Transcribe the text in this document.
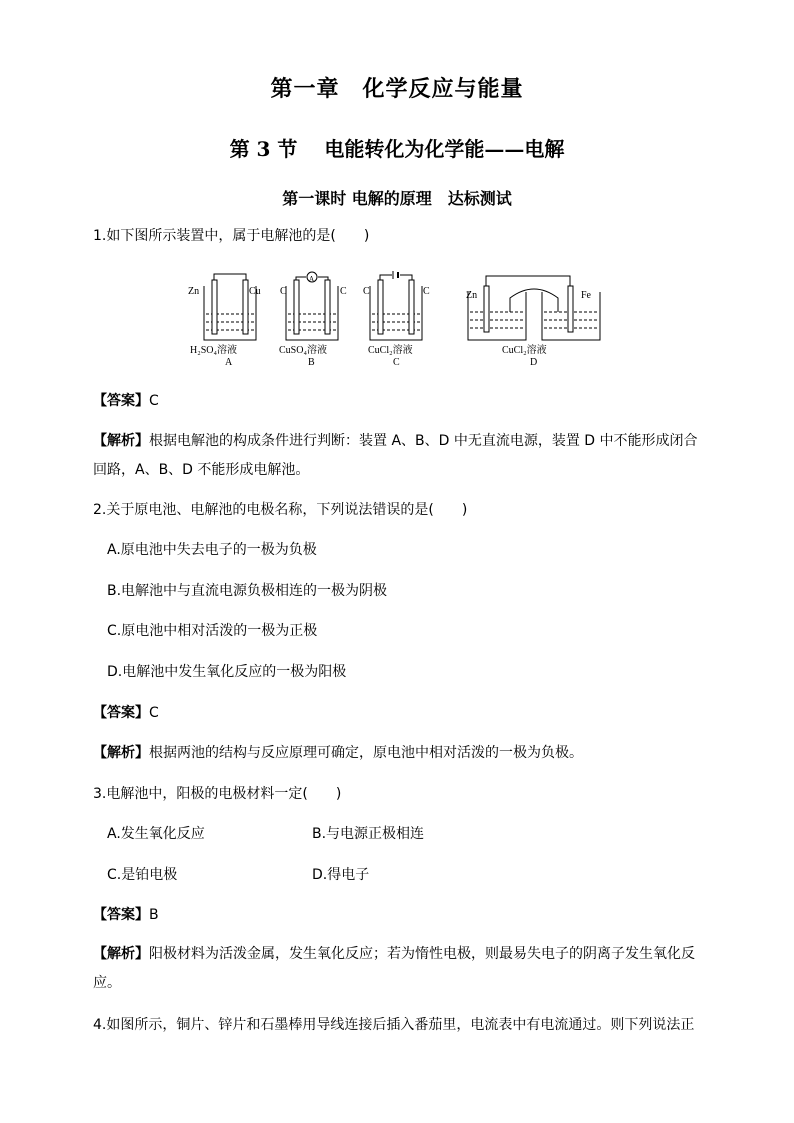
第一章　化学反应与能量
第 3 节　 电能转化为化学能——电解
第一课时 电解的原理　达标测试
1.如下图所示装置中，属于电解池的是(　　)
Zn	Cu
H₂SO₄溶液
A
C	C
A
CuSO₄溶液
B
C	C
CuCl₂溶液
C
Zn	Fe
CuCl₂溶液
D
【答案】C
【解析】根据电解池的构成条件进行判断：装置 A、B、D 中无直流电源，装置 D 中不能形成闭合回路，A、B、D 不能形成电解池。
2.关于原电池、电解池的电极名称，下列说法错误的是(　　)
A.原电池中失去电子的一极为负极
B.电解池中与直流电源负极相连的一极为阴极
C.原电池中相对活泼的一极为正极
D.电解池中发生氧化反应的一极为阳极
【答案】C
【解析】根据两池的结构与反应原理可确定，原电池中相对活泼的一极为负极。
3.电解池中，阳极的电极材料一定(　　)
A.发生氧化反应	B.与电源正极相连
C.是铂电极	D.得电子
【答案】B
【解析】阳极材料为活泼金属，发生氧化反应；若为惰性电极，则最易失电子的阴离子发生氧化反应。
4.如图所示，铜片、锌片和石墨棒用导线连接后插入番茄里，电流表中有电流通过。则下列说法正
